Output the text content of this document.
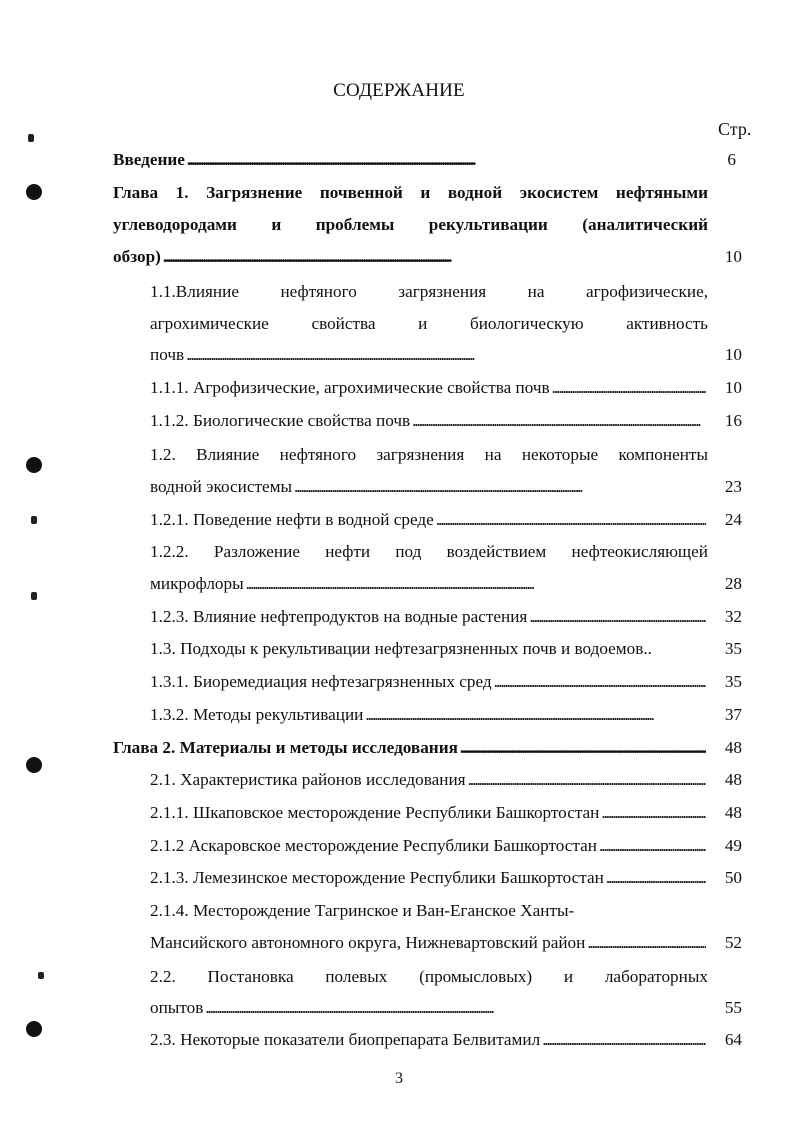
СОДЕРЖАНИЕ
Стр.
Введение . . .	6
Глава 1. Загрязнение почвенной и водной экосистем нефтяными
углеводородами и проблемы рекультивации (аналитический
обзор) . . .	10
1.1.Влияние нефтяного загрязнения на агрофизические,
агрохимические свойства и биологическую активность
почв . . .	10
1.1.1. Агрофизические, агрохимические свойства почв . . .	10
1.1.2. Биологические свойства почв . . .	16
1.2. Влияние нефтяного загрязнения на некоторые компоненты
водной экосистемы . . .	23
1.2.1. Поведение нефти в водной среде . . .	24
1.2.2. Разложение нефти под воздействием нефтеокисляющей
микрофлоры . . .	28
1.2.3. Влияние нефтепродуктов на водные растения . . .	32
1.3. Подходы к рекультивации нефтезагрязненных почв и водоемов..	35
1.3.1. Биоремедиация нефтезагрязненных сред . . .	35
1.3.2. Методы рекультивации . . .	37
Глава 2. Материалы и методы исследования . . .	48
2.1. Характеристика районов исследования . . .	48
2.1.1. Шкаповское месторождение Республики Башкортостан . . .	48
2.1.2 Аскаровское месторождение Республики Башкортостан . . .	49
2.1.3. Лемезинское месторождение Республики Башкортостан . . .	50
2.1.4. Месторождение Тагринское и Ван-Еганское Ханты-
Мансийского автономного округа, Нижневартовский район . . .	52
2.2. Постановка полевых (промысловых) и лабораторных
опытов . . .	55
2.3. Некоторые показатели биопрепарата Белвитамил . . .	64
3
